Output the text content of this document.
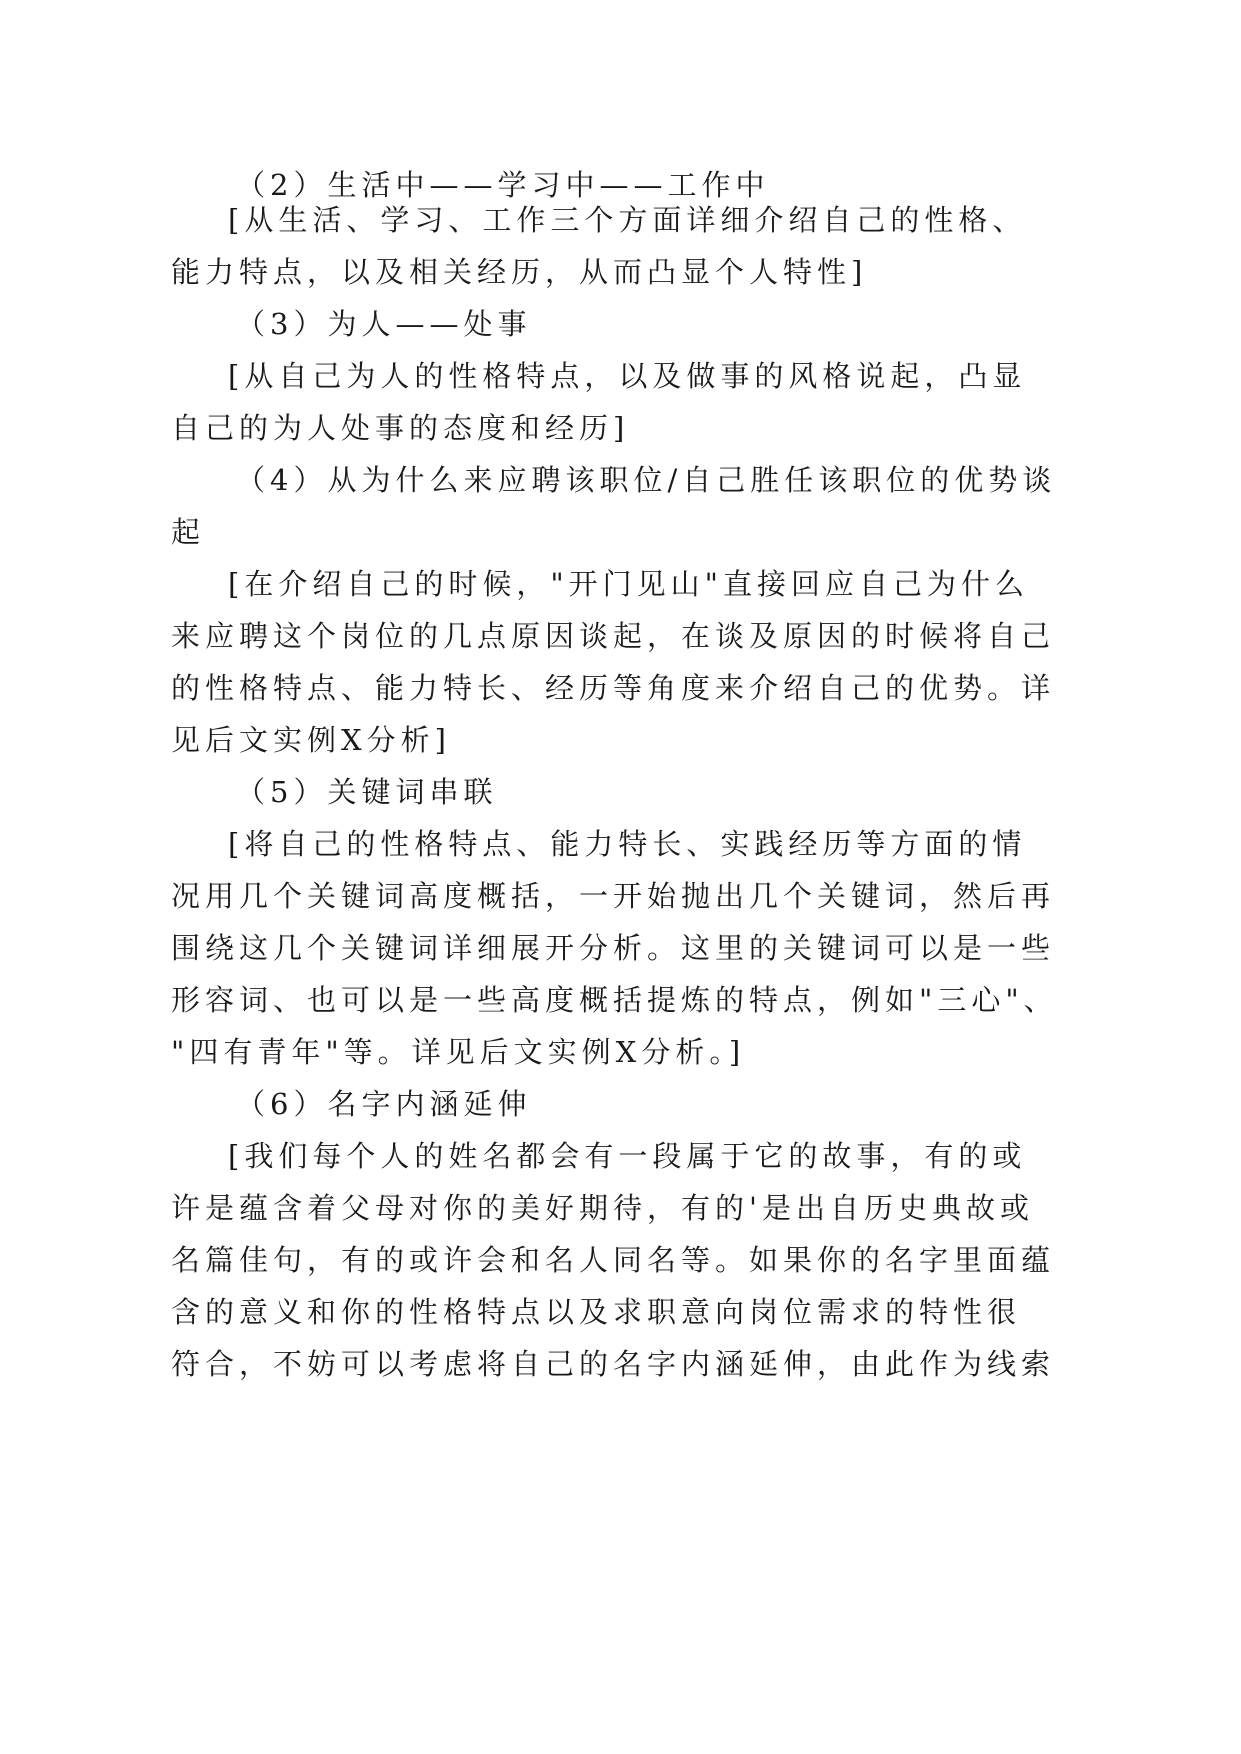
（2）生活中——学习中——工作中
[从生活、学习、工作三个方面详细介绍自己的性格、
能力特点，以及相关经历，从而凸显个人特性]
（3）为人——处事
[从自己为人的性格特点，以及做事的风格说起，凸显
自己的为人处事的态度和经历]
（4）从为什么来应聘该职位/自己胜任该职位的优势谈
起
[在介绍自己的时候，"开门见山"直接回应自己为什么
来应聘这个岗位的几点原因谈起，在谈及原因的时候将自己
的性格特点、能力特长、经历等角度来介绍自己的优势。详
见后文实例X分析]
（5）关键词串联
[将自己的性格特点、能力特长、实践经历等方面的情
况用几个关键词高度概括，一开始抛出几个关键词，然后再
围绕这几个关键词详细展开分析。这里的关键词可以是一些
形容词、也可以是一些高度概括提炼的特点，例如"三心"、
"四有青年"等。详见后文实例X分析。]
（6）名字内涵延伸
[我们每个人的姓名都会有一段属于它的故事，有的或
许是蕴含着父母对你的美好期待，有的'是出自历史典故或
名篇佳句，有的或许会和名人同名等。如果你的名字里面蕴
含的意义和你的性格特点以及求职意向岗位需求的特性很
符合，不妨可以考虑将自己的名字内涵延伸，由此作为线索
